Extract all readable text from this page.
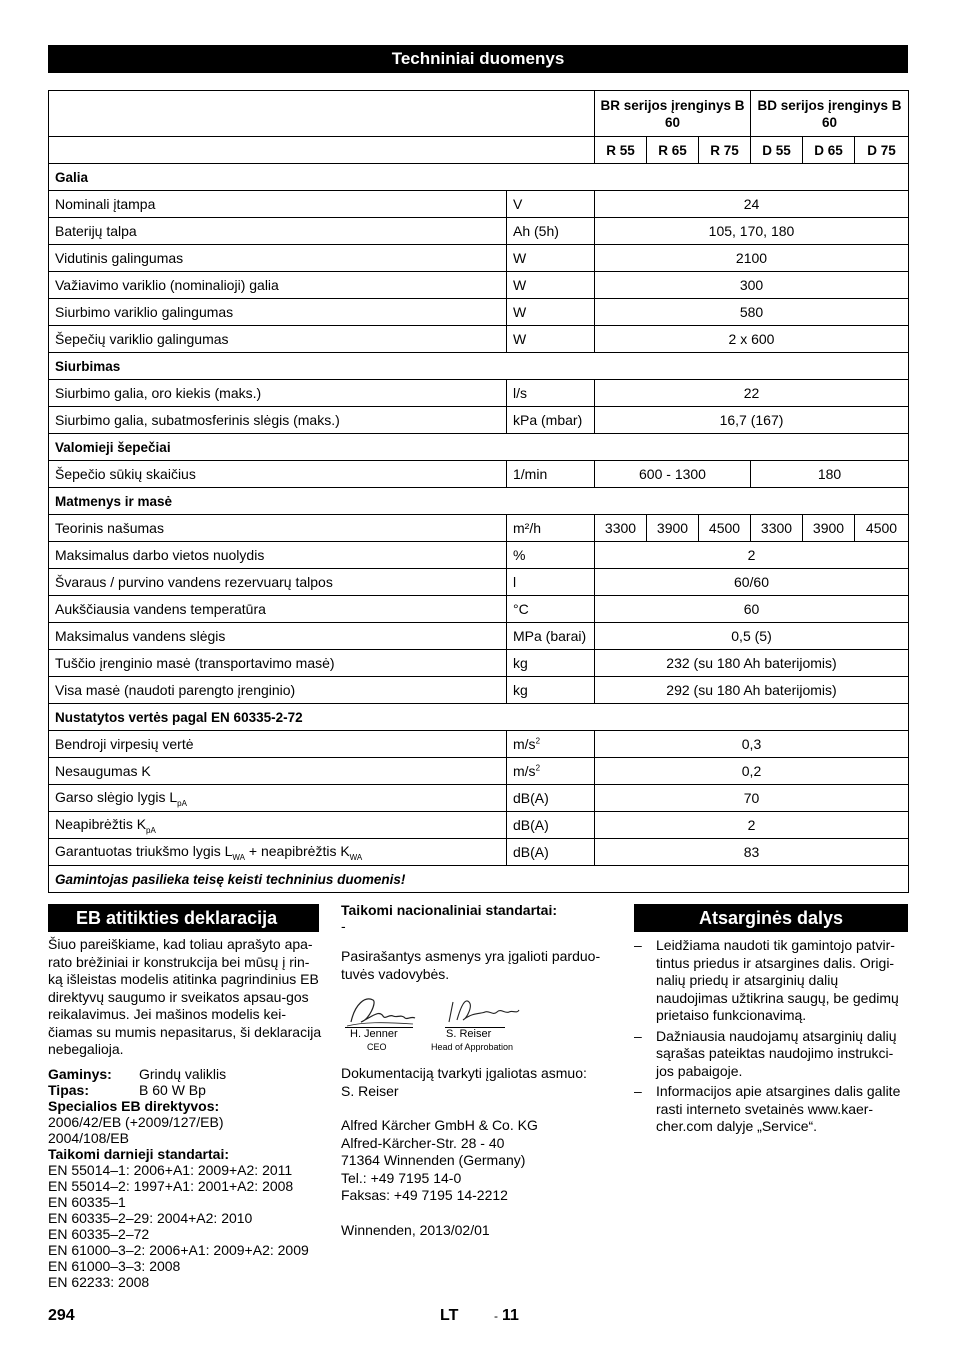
Techniniai duomenys
		BR serijos įrenginys B 60			BD serijos įrenginys B 60		
		R 55	R 65	R 75	D 55	D 65	D 75
Galia							
Nominali įtampa	V	24					
Baterijų talpa	Ah (5h)	105, 170, 180					
Vidutinis galingumas	W	2100					
Važiavimo variklio (nominalioji) galia	W	300					
Siurbimo variklio galingumas	W	580					
Šepečių variklio galingumas	W	2 x 600					
Siurbimas							
Siurbimo galia, oro kiekis (maks.)	l/s	22					
Siurbimo galia, subatmosferinis slėgis (maks.)	kPa (mbar)	16,7 (167)					
Valomieji šepečiai							
Šepečio sūkių skaičius	1/min	600 - 1300			180		
Matmenys ir masė							
Teorinis našumas	m²/h	3300	3900	4500	3300	3900	4500
Maksimalus darbo vietos nuolydis	%	2					
Švaraus / purvino vandens rezervuarų talpos	l	60/60					
Aukščiausia vandens temperatūra	°C	60					
Maksimalus vandens slėgis	MPa (barai)	0,5 (5)					
Tuščio įrenginio masė (transportavimo masė)	kg	232 (su 180 Ah baterijomis)					
Visa masė (naudoti parengto įrenginio)	kg	292 (su 180 Ah baterijomis)					
Nustatytos vertės pagal EN 60335-2-72							
Bendroji virpesių vertė	$m/s^2$	0,3					
Nesaugumas K	$m/s^2$	0,2					
Garso slėgio lygis $L_{pA}$	dB(A)	70					
Neapibrėžtis $K_{pA}$	dB(A)	2					
Garantuotas triukšmo lygis $L_{WA}$ + neapibrėžtis $K_{WA}$	dB(A)	83					
Gamintojas pasilieka teisę keisti techninius duomenis!							
EB atitikties deklaracija
Šiuo pareiškiame, kad toliau aprašyto apa-rato brėžiniai ir konstrukcija bei mūsų į rin-ką išleistas modelis atitinka pagrindinius EB direktyvų saugumo ir sveikatos apsau-gos reikalavimus. Jei mašinos modelis kei-čiamas su mumis nepasitarus, ši deklaracija nebegalioja.
Gaminys:	Grindų valiklis
Tipas:	B 60 W Bp
Specialios EB direktyvos:
2006/42/EB (+2009/127/EB)
2004/108/EB
Taikomi darnieji standartai:
EN 55014–1: 2006+A1: 2009+A2: 2011
EN 55014–2: 1997+A1: 2001+A2: 2008
EN 60335–1
EN 60335–2–29: 2004+A2: 2010
EN 60335–2–72
EN 61000–3–2: 2006+A1: 2009+A2: 2009
EN 61000–3–3: 2008
EN 62233: 2008
Taikomi nacionaliniai standartai:
-
Pasirašantys asmenys yra įgalioti parduo-tuvės vadovybės.
H. Jenner
CEO
S. Reiser
Head of Approbation
Dokumentaciją tvarkyti įgaliotas asmuo:
S. Reiser
Alfred Kärcher GmbH & Co. KG
Alfred-Kärcher-Str. 28 - 40
71364 Winnenden (Germany)
Tel.: +49 7195 14-0
Faksas: +49 7195 14-2212
Winnenden, 2013/02/01
Atsarginės dalys
– Leidžiama naudoti tik gamintojo patvir-tintus priedus ir atsargines dalis. Origi-nalių priedų ir atsarginių dalių naudojimas užtikrina saugų, be gedimų prietaiso funkcionavimą.
– Dažniausia naudojamų atsarginių dalių sąrašas pateiktas naudojimo instrukci-jos pabaigoje.
– Informacijos apie atsargines dalis galite rasti interneto svetainės www.kaer-cher.com dalyje „Service“.
294	LT	- 11
